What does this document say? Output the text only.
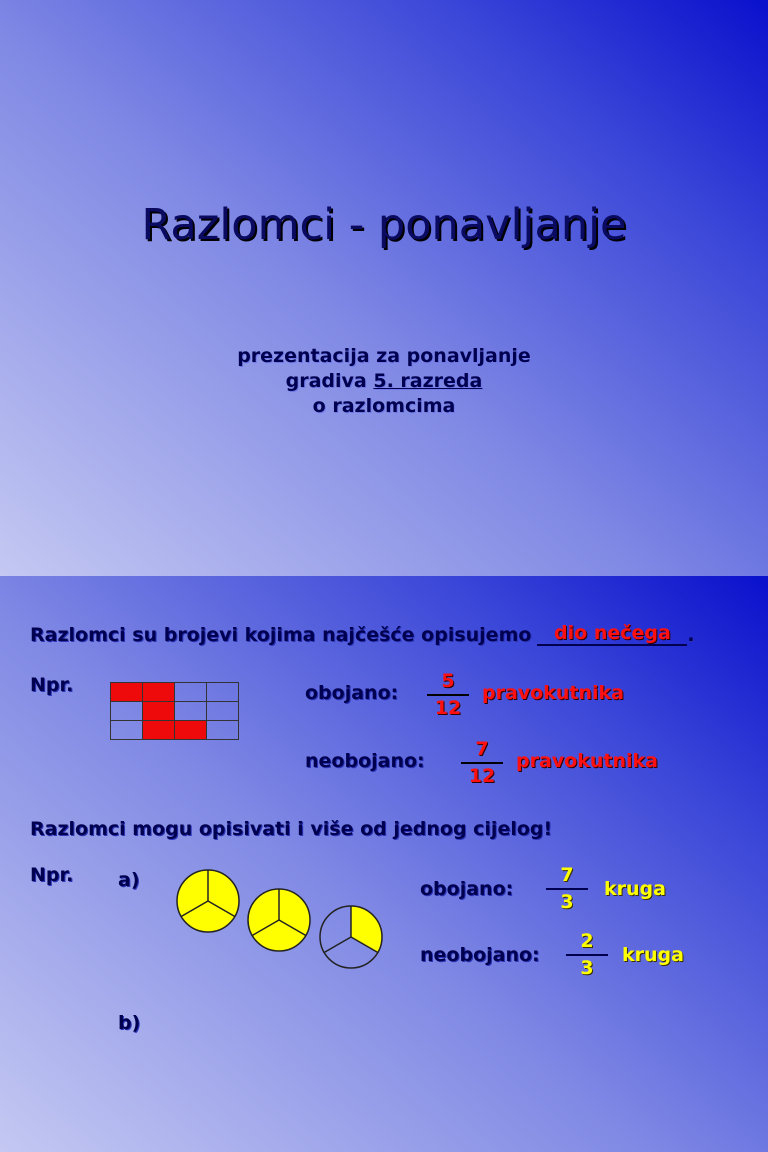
Razlomci - ponavljanje
prezentacija za ponavljanje
gradiva 5. razreda
o razlomcima
Razlomci su brojevi kojima najčešće opisujemo dio nečega .
Npr.	obojano:
5
12
pravokutnika
neobojano:
7
12
pravokutnika
Razlomci mogu opisivati i više od jednog cijelog!
Npr. a)	obojano:
7
3
kruga
neobojano:
2
3
kruga
b)
